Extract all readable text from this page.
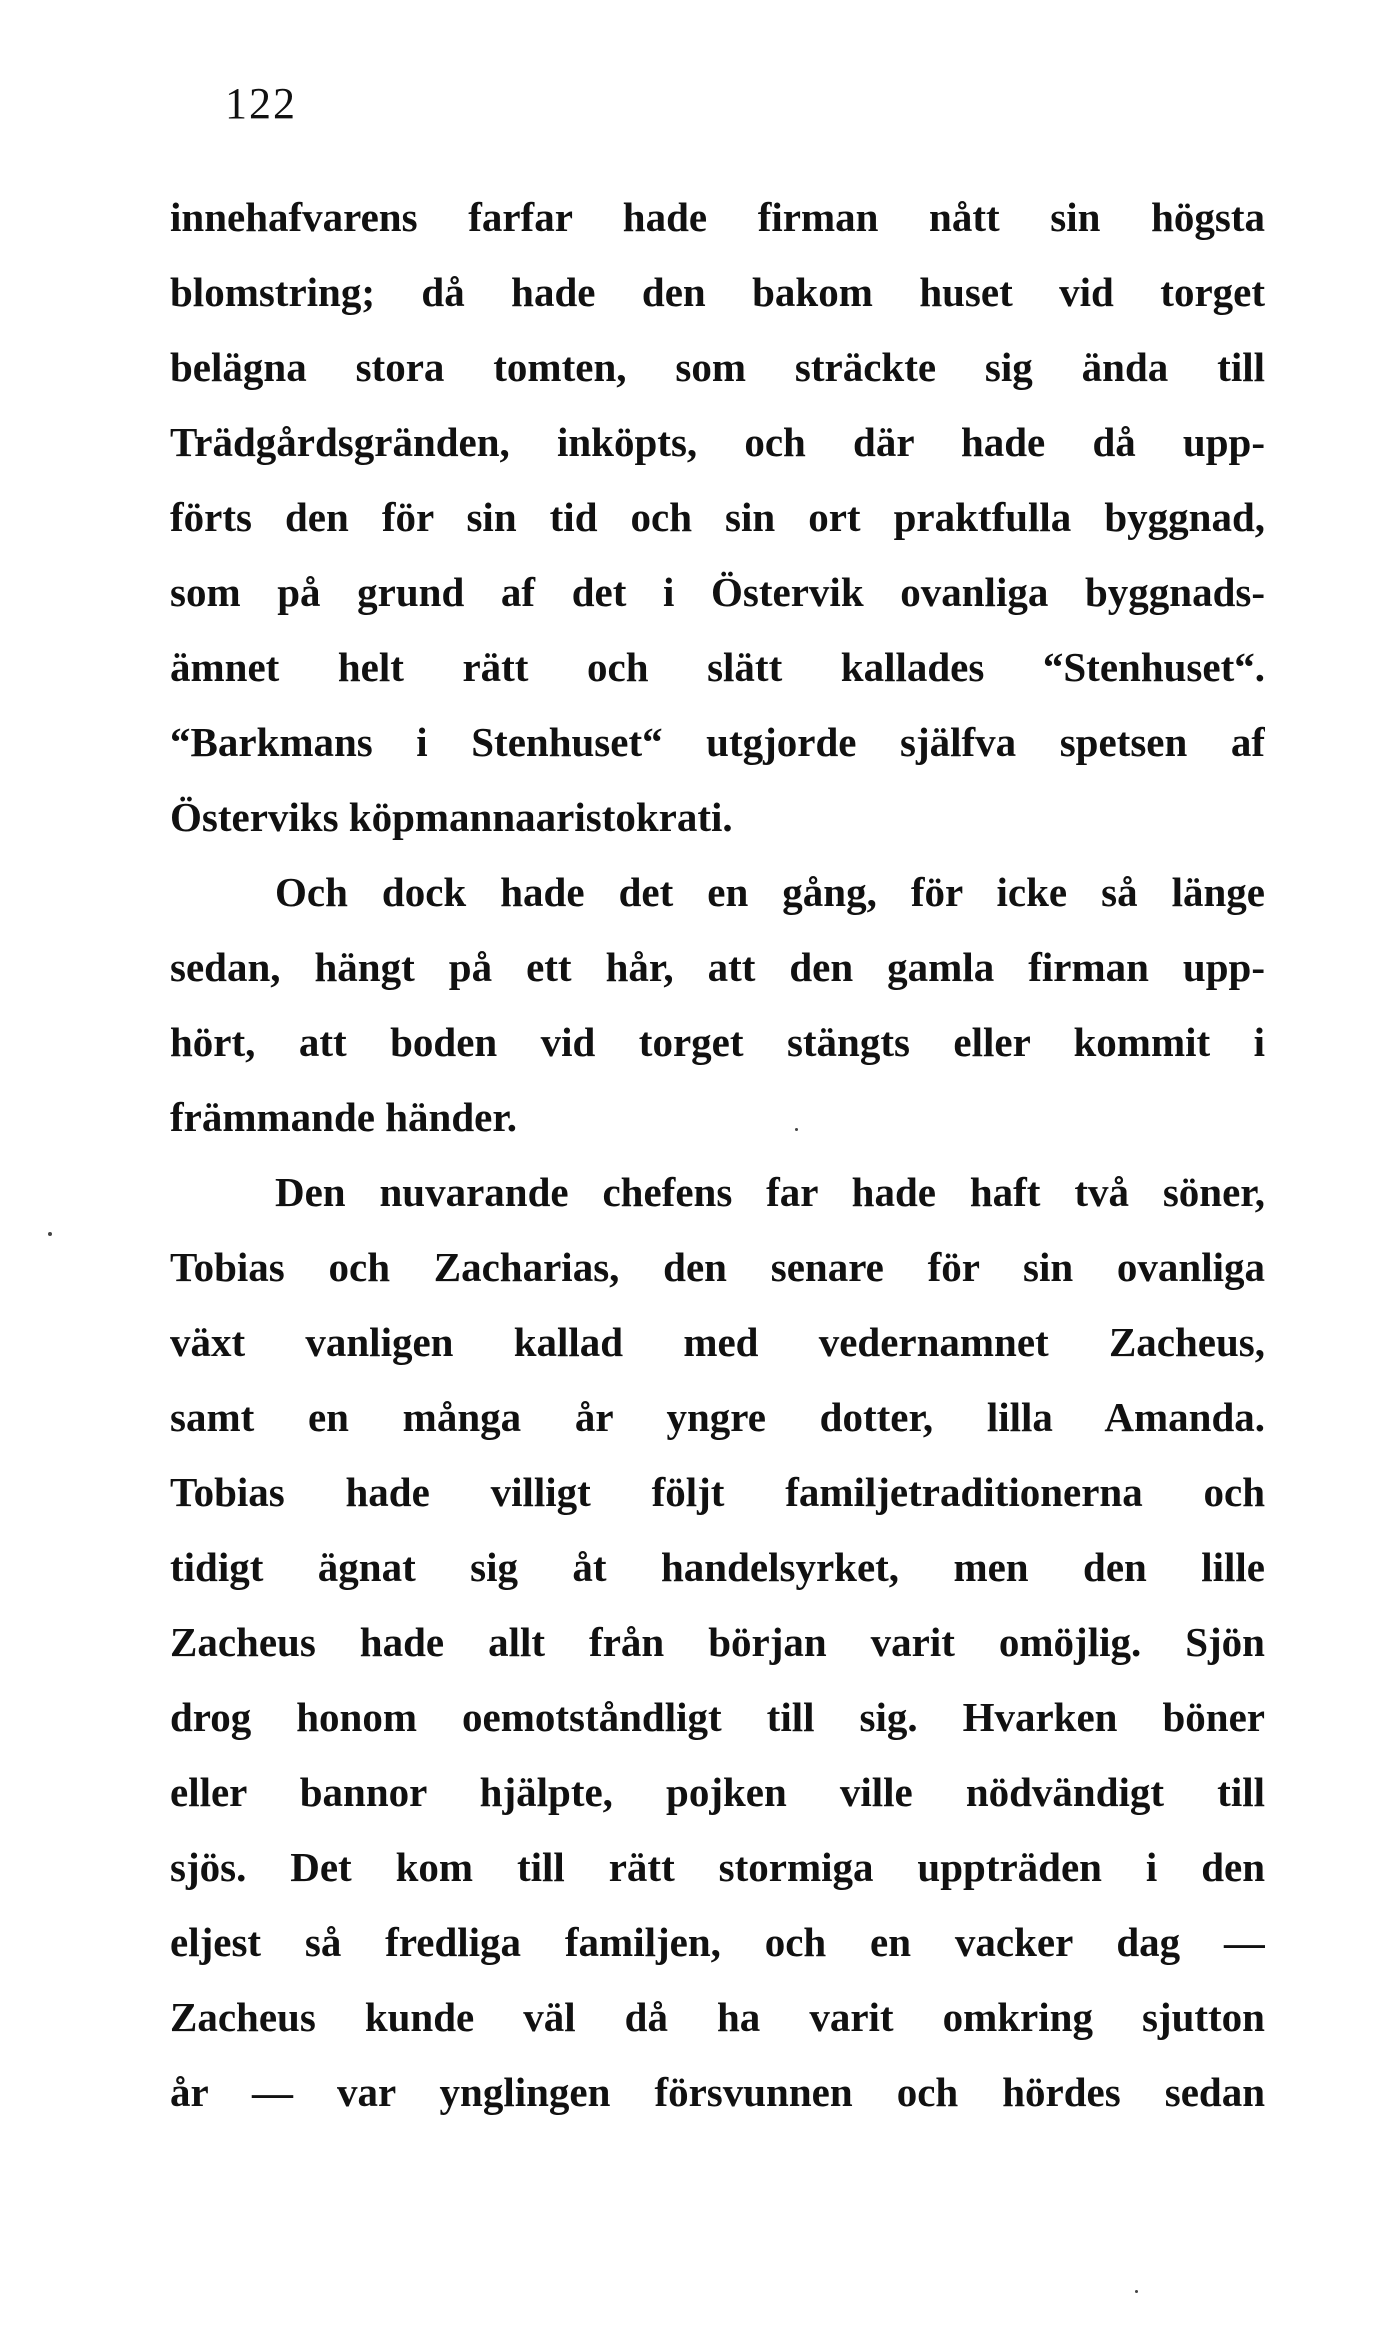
122
innehafvarens farfar hade firman nått sin högsta
blomstring; då hade den bakom huset vid torget
belägna stora tomten, som sträckte sig ända till
Trädgårdsgränden, inköpts, och där hade då upp-
förts den för sin tid och sin ort praktfulla byggnad,
som på grund af det i Östervik ovanliga byggnads-
ämnet helt rätt och slätt kallades “Stenhuset“.
“Barkmans i Stenhuset“ utgjorde själfva spetsen af
Österviks köpmannaaristokrati.
Och dock hade det en gång, för icke så länge
sedan, hängt på ett hår, att den gamla firman upp-
hört, att boden vid torget stängts eller kommit i
främmande händer.
Den nuvarande chefens far hade haft två söner,
Tobias och Zacharias, den senare för sin ovanliga
växt vanligen kallad med vedernamnet Zacheus,
samt en många år yngre dotter, lilla Amanda.
Tobias hade villigt följt familjetraditionerna och
tidigt ägnat sig åt handelsyrket, men den lille
Zacheus hade allt från början varit omöjlig. Sjön
drog honom oemotståndligt till sig. Hvarken böner
eller bannor hjälpte, pojken ville nödvändigt till
sjös. Det kom till rätt stormiga uppträden i den
eljest så fredliga familjen, och en vacker dag —
Zacheus kunde väl då ha varit omkring sjutton
år — var ynglingen försvunnen och hördes sedan
